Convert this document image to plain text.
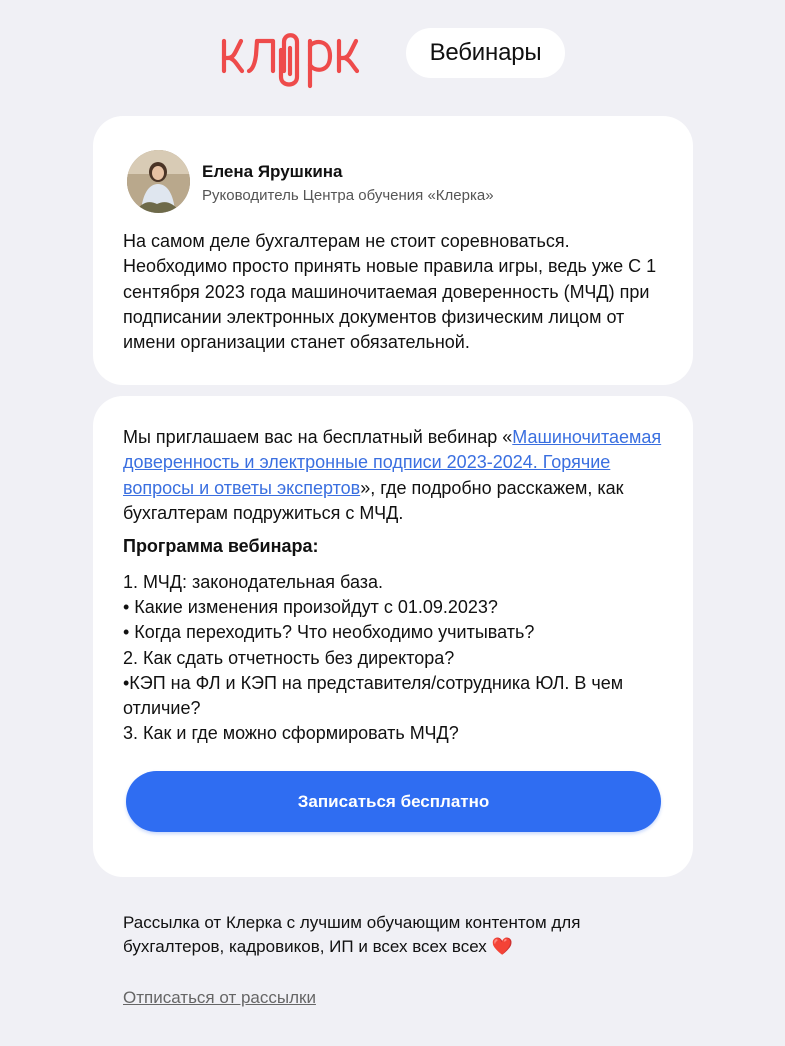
Вебинары
Елена Ярушкина
Руководитель Центра обучения «Клерка»

На самом деле бухгалтерам не стоит соревноваться. Необходимо просто принять новые правила игры, ведь уже С 1 сентября 2023 года машиночитаемая доверенность (МЧД) при подписании электронных документов физическим лицом от имени организации станет обязательной.

Мы приглашаем вас на бесплатный вебинар «Машиночитаемая доверенность и электронные подписи 2023-2024. Горячие вопросы и ответы экспертов», где подробно расскажем, как бухгалтерам подружиться с МЧД.

Программа вебинара:

1. МЧД: законодательная база.
• Какие изменения произойдут с 01.09.2023?
• Когда переходить? Что необходимо учитывать?
2. Как сдать отчетность без директора?
•КЭП на ФЛ и КЭП на представителя/сотрудника ЮЛ. В чем отличие?
3. Как и где можно сформировать МЧД?
Записаться бесплатно

Рассылка от Клерка с лучшим обучающим контентом для бухгалтеров, кадровиков, ИП и всех всех всех ❤️

Отписаться от рассылки
